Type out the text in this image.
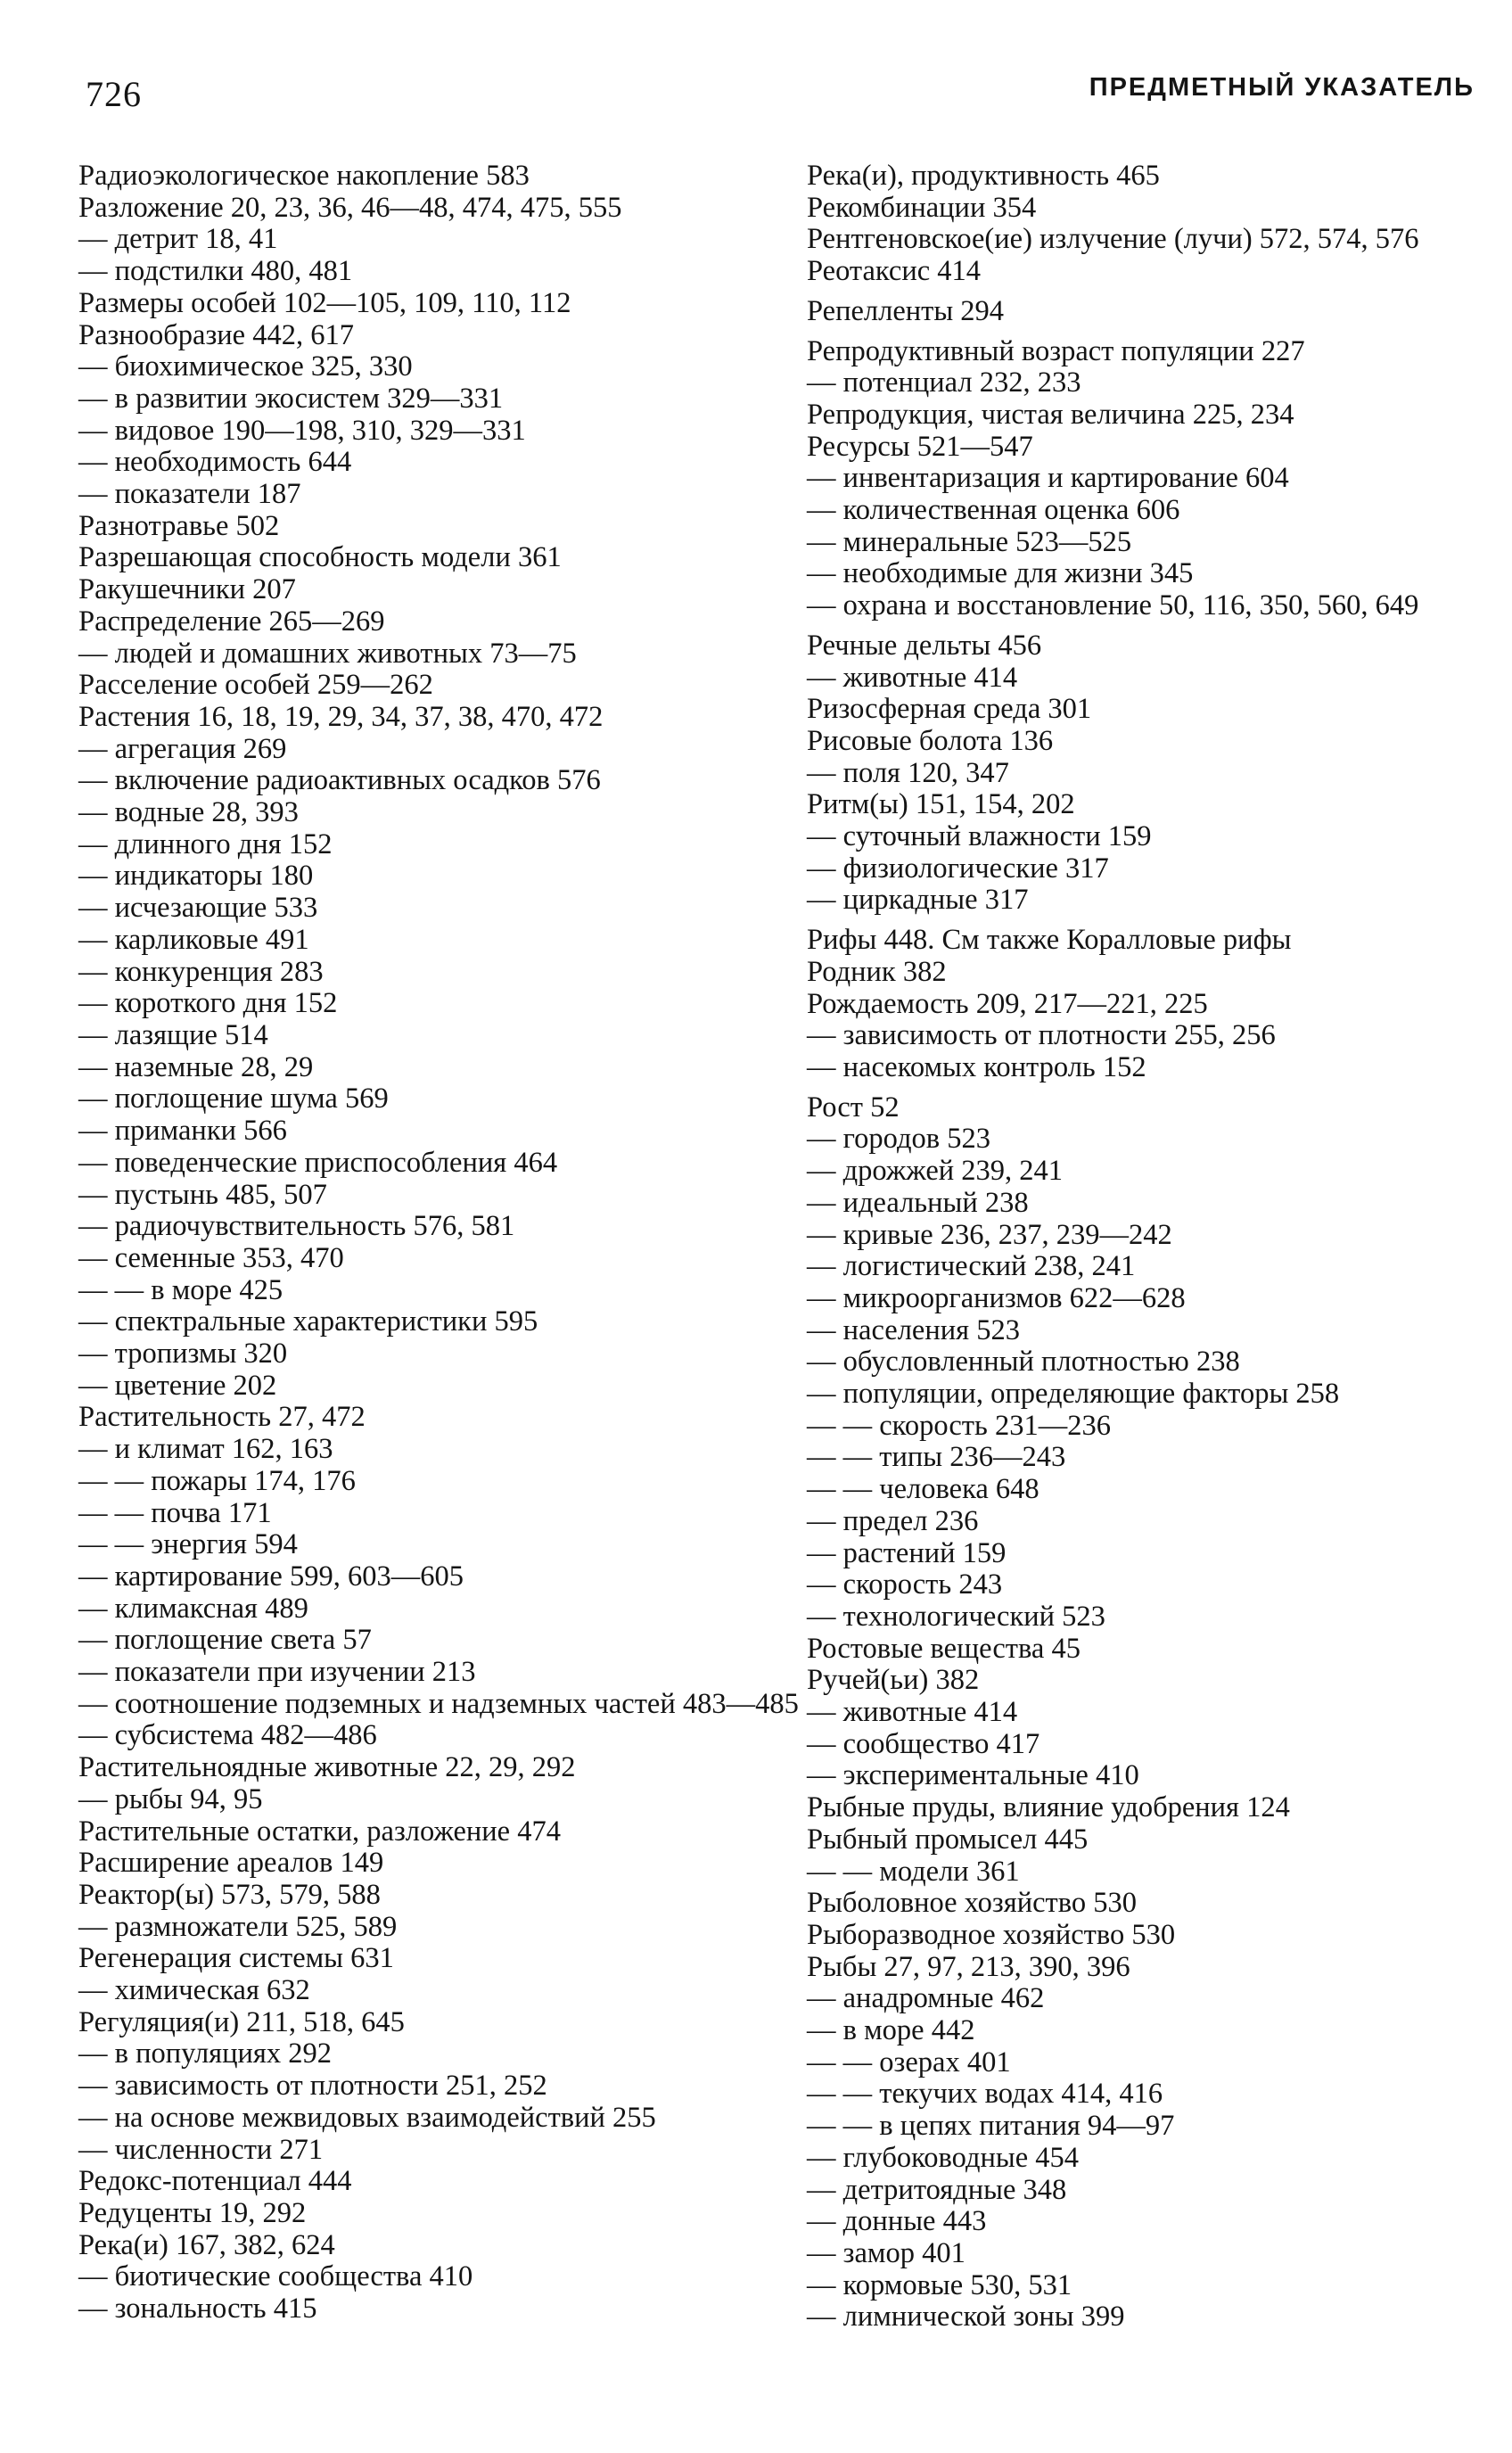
726	ПРЕДМЕТНЫЙ УКАЗАТЕЛЬ
Радиоэкологическое накопление 583
Разложение 20, 23, 36, 46—48, 474, 475, 555
— детрит 18, 41
— подстилки 480, 481
Размеры особей 102—105, 109, 110, 112
Разнообразие 442, 617
— биохимическое 325, 330
— в развитии экосистем 329—331
— видовое 190—198, 310, 329—331
— необходимость 644
— показатели 187
Разнотравье 502
Разрешающая способность модели 361
Ракушечники 207
Распределение 265—269
— людей и домашних животных 73—75
Расселение особей 259—262
Растения 16, 18, 19, 29, 34, 37, 38, 470, 472
— агрегация 269
— включение радиоактивных осадков 576
— водные 28, 393
— длинного дня 152
— индикаторы 180
— исчезающие 533
— карликовые 491
— конкуренция 283
— короткого дня 152
— лазящие 514
— наземные 28, 29
— поглощение шума 569
— приманки 566
— поведенческие приспособления 464
— пустынь 485, 507
— радиочувствительность 576, 581
— семенные 353, 470
— — в море 425
— спектральные характеристики 595
— тропизмы 320
— цветение 202
Растительность 27, 472
— и климат 162, 163
— — пожары 174, 176
— — почва 171
— — энергия 594
— картирование 599, 603—605
— климаксная 489
— поглощение света 57
— показатели при изучении 213
— соотношение подземных и надземных частей 483—485
— субсистема 482—486
Растительноядные животные 22, 29, 292
— рыбы 94, 95
Растительные остатки, разложение 474
Расширение ареалов 149
Реактор(ы) 573, 579, 588
— размножатели 525, 589
Регенерация системы 631
— химическая 632
Регуляция(и) 211, 518, 645
— в популяциях 292
— зависимость от плотности 251, 252
— на основе межвидовых взаимодействий 255
— численности 271
Редокс-потенциал 444
Редуценты 19, 292
Река(и) 167, 382, 624
— биотические сообщества 410
— зональность 415
Река(и), продуктивность 465
Рекомбинации 354
Рентгеновское(ие) излучение (лучи) 572, 574, 576
Реотаксис 414
Репелленты 294
Репродуктивный возраст популяции 227
— потенциал 232, 233
Репродукция, чистая величина 225, 234
Ресурсы 521—547
— инвентаризация и картирование 604
— количественная оценка 606
— минеральные 523—525
— необходимые для жизни 345
— охрана и восстановление 50, 116, 350, 560, 649
Речные дельты 456
— животные 414
Ризосферная среда 301
Рисовые болота 136
— поля 120, 347
Ритм(ы) 151, 154, 202
— суточный влажности 159
— физиологические 317
— циркадные 317
Рифы 448. См также Коралловые рифы
Родник 382
Рождаемость 209, 217—221, 225
— зависимость от плотности 255, 256
— насекомых контроль 152
Рост 52
— городов 523
— дрожжей 239, 241
— идеальный 238
— кривые 236, 237, 239—242
— логистический 238, 241
— микроорганизмов 622—628
— населения 523
— обусловленный плотностью 238
— популяции, определяющие факторы 258
— — скорость 231—236
— — типы 236—243
— — человека 648
— предел 236
— растений 159
— скорость 243
— технологический 523
Ростовые вещества 45
Ручей(ьи) 382
— животные 414
— сообщество 417
— экспериментальные 410
Рыбные пруды, влияние удобрения 124
Рыбный промысел 445
— — модели 361
Рыболовное хозяйство 530
Рыборазводное хозяйство 530
Рыбы 27, 97, 213, 390, 396
— анадромные 462
— в море 442
— — озерах 401
— — текучих водах 414, 416
— — в цепях питания 94—97
— глубоководные 454
— детритоядные 348
— донные 443
— замор 401
— кормовые 530, 531
— лимнической зоны 399
